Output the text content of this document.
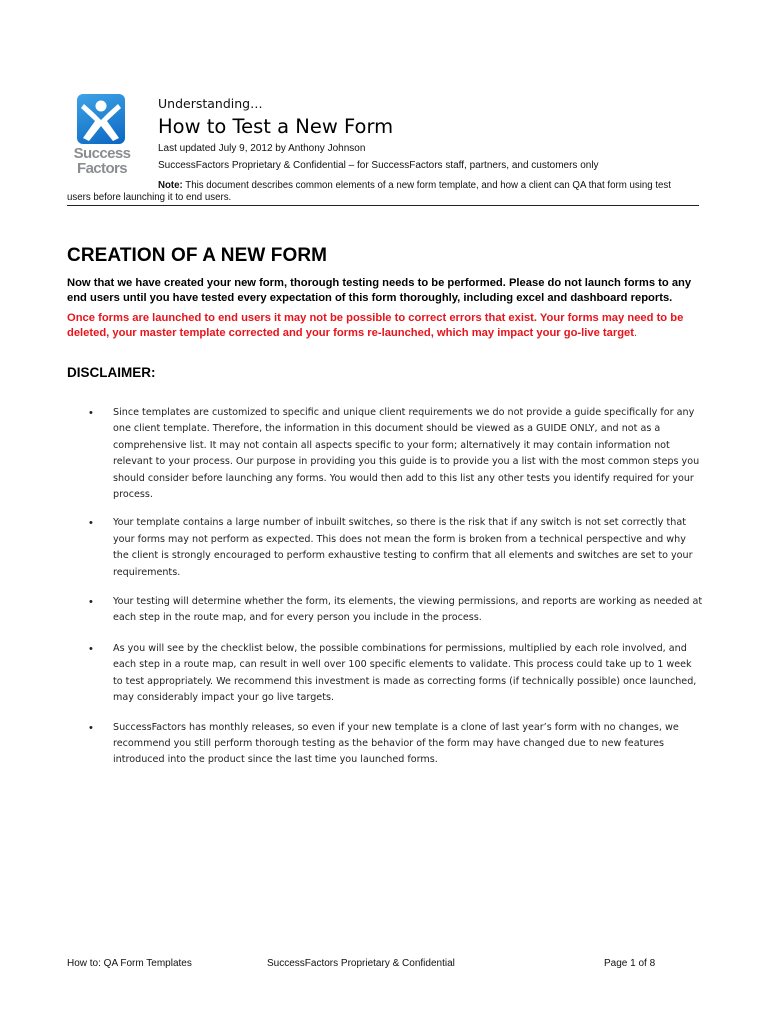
Success
Factors
Understanding…
How to Test a New Form
Last updated July 9, 2012 by Anthony Johnson
SuccessFactors Proprietary & Confidential – for SuccessFactors staff, partners, and customers only
Note: This document describes common elements of a new form template, and how a client can QA that form using test users before launching it to end users.
CREATION OF A NEW FORM
Now that we have created your new form, thorough testing needs to be performed. Please do not launch forms to any end users until you have tested every expectation of this form thoroughly, including excel and dashboard reports.
Once forms are launched to end users it may not be possible to correct errors that exist. Your forms may need to be deleted, your master template corrected and your forms re-launched, which may impact your go-live target.
DISCLAIMER:
• Since templates are customized to specific and unique client requirements we do not provide a guide specifically for any one client template. Therefore, the information in this document should be viewed as a GUIDE ONLY, and not as a comprehensive list. It may not contain all aspects specific to your form; alternatively it may contain information not relevant to your process. Our purpose in providing you this guide is to provide you a list with the most common steps you should consider before launching any forms. You would then add to this list any other tests you identify required for your process.
• Your template contains a large number of inbuilt switches, so there is the risk that if any switch is not set correctly that your forms may not perform as expected. This does not mean the form is broken from a technical perspective and why the client is strongly encouraged to perform exhaustive testing to confirm that all elements and switches are set to your requirements.
• Your testing will determine whether the form, its elements, the viewing permissions, and reports are working as needed at each step in the route map, and for every person you include in the process.
• As you will see by the checklist below, the possible combinations for permissions, multiplied by each role involved, and each step in a route map, can result in well over 100 specific elements to validate. This process could take up to 1 week to test appropriately. We recommend this investment is made as correcting forms (if technically possible) once launched, may considerably impact your go live targets.
• SuccessFactors has monthly releases, so even if your new template is a clone of last year’s form with no changes, we recommend you still perform thorough testing as the behavior of the form may have changed due to new features introduced into the product since the last time you launched forms.
How to: QA Form Templates	SuccessFactors Proprietary & Confidential	Page 1 of 8
